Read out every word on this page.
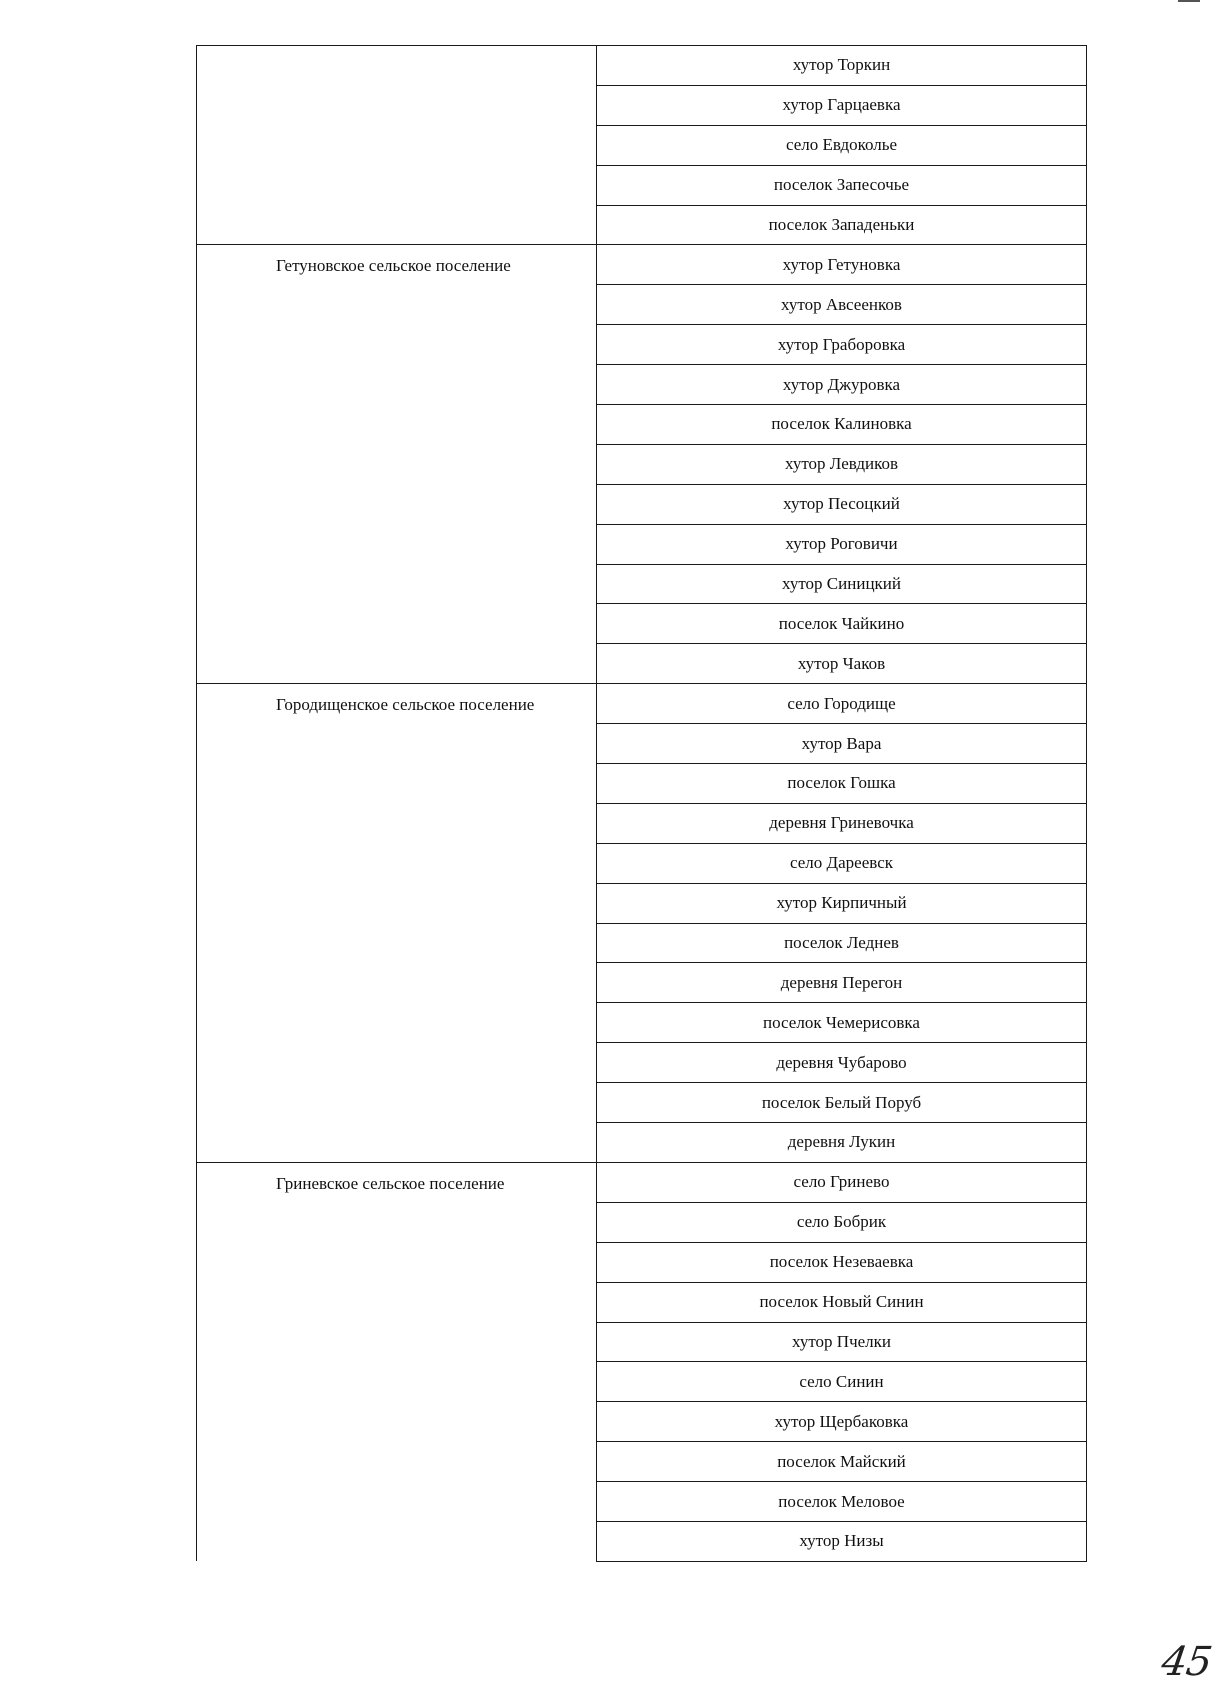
	хутор Торкин
	хутор Гарцаевка
	село Евдоколье
	поселок Запесочье
	поселок Западеньки
Гетуновское сельское поселение	хутор Гетуновка
	хутор Авсеенков
	хутор Граборовка
	хутор Джуровка
	поселок Калиновка
	хутор Левдиков
	хутор Песоцкий
	хутор Роговичи
	хутор Синицкий
	поселок Чайкино
	хутор Чаков
Городищенское сельское поселение	село Городище
	хутор Вара
	поселок Гошка
	деревня Гриневочка
	село Дареевск
	хутор Кирпичный
	поселок Леднев
	деревня Перегон
	поселок Чемерисовка
	деревня Чубарово
	поселок Белый Поруб
	деревня Лукин
Гриневское сельское поселение	село Гринево
	село Бобрик
	поселок Незеваевка
	поселок Новый Синин
	хутор Пчелки
	село Синин
	хутор Щербаковка
	поселок Майский
	поселок Меловое
	хутор Низы
45
